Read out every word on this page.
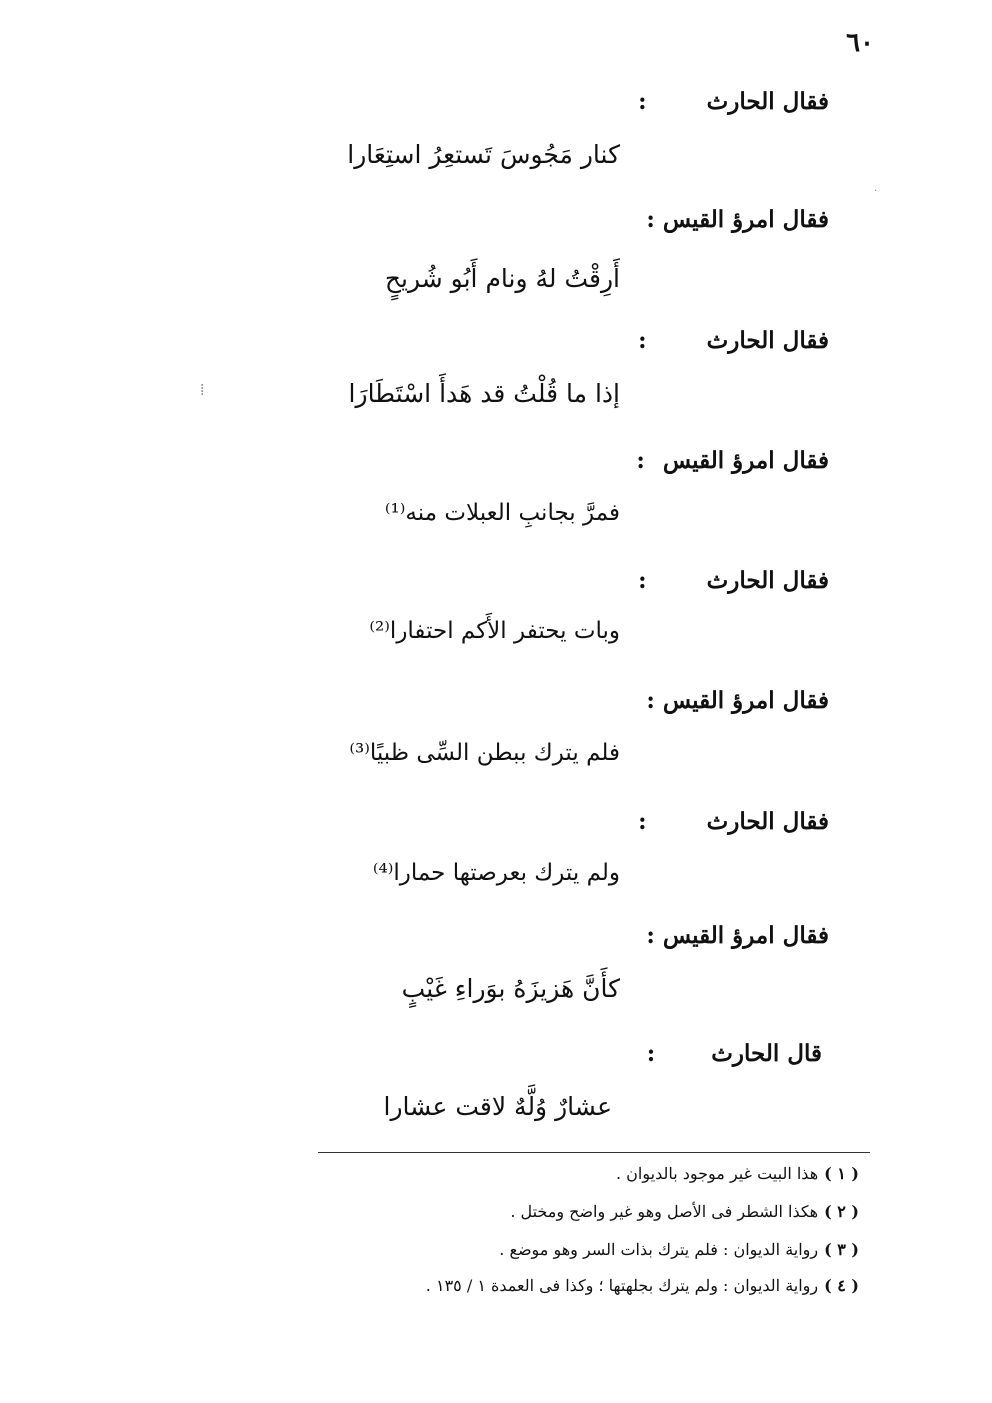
٦٠
فقال الحارث:
كنار مَجُوسَ تَستعِرُ استِعَارا
فقال امرؤ القيس:
أَرِقْتُ لهُ ونام أَبُو شُريحٍ
فقال الحارث:
إذا ما قُلْتُ قد هَدأَ اسْتَطَارَا
فقال امرؤ القيس:
فمرَّ بجانبِ العبلات منه⁽¹⁾
فقال الحارث:
وبات يحتفر الأَكم احتفارا⁽²⁾
فقال امرؤ القيس:
فلم يترك ببطن السِّى ظبيًا⁽³⁾
فقال الحارث:
ولم يترك بعرصتها حمارا⁽⁴⁾
فقال امرؤ القيس:
كأَنَّ هَزيزَهُ بوَراءِ غَيْبٍ
قال الحارث:
عشارٌ وُلَّهٌ لاقت عشارا
( ١ )هذا البيت غير موجود بالديوان .
( ٢ )هكذا الشطر فى الأصل وهو غير واضح ومختل .
( ٣ )رواية الديوان : فلم يترك بذات السر وهو موضع .
( ٤ )رواية الديوان : ولم يترك بجلهتها ؛ وكذا فى العمدة ١ / ١٣٥ .
⁞
·
